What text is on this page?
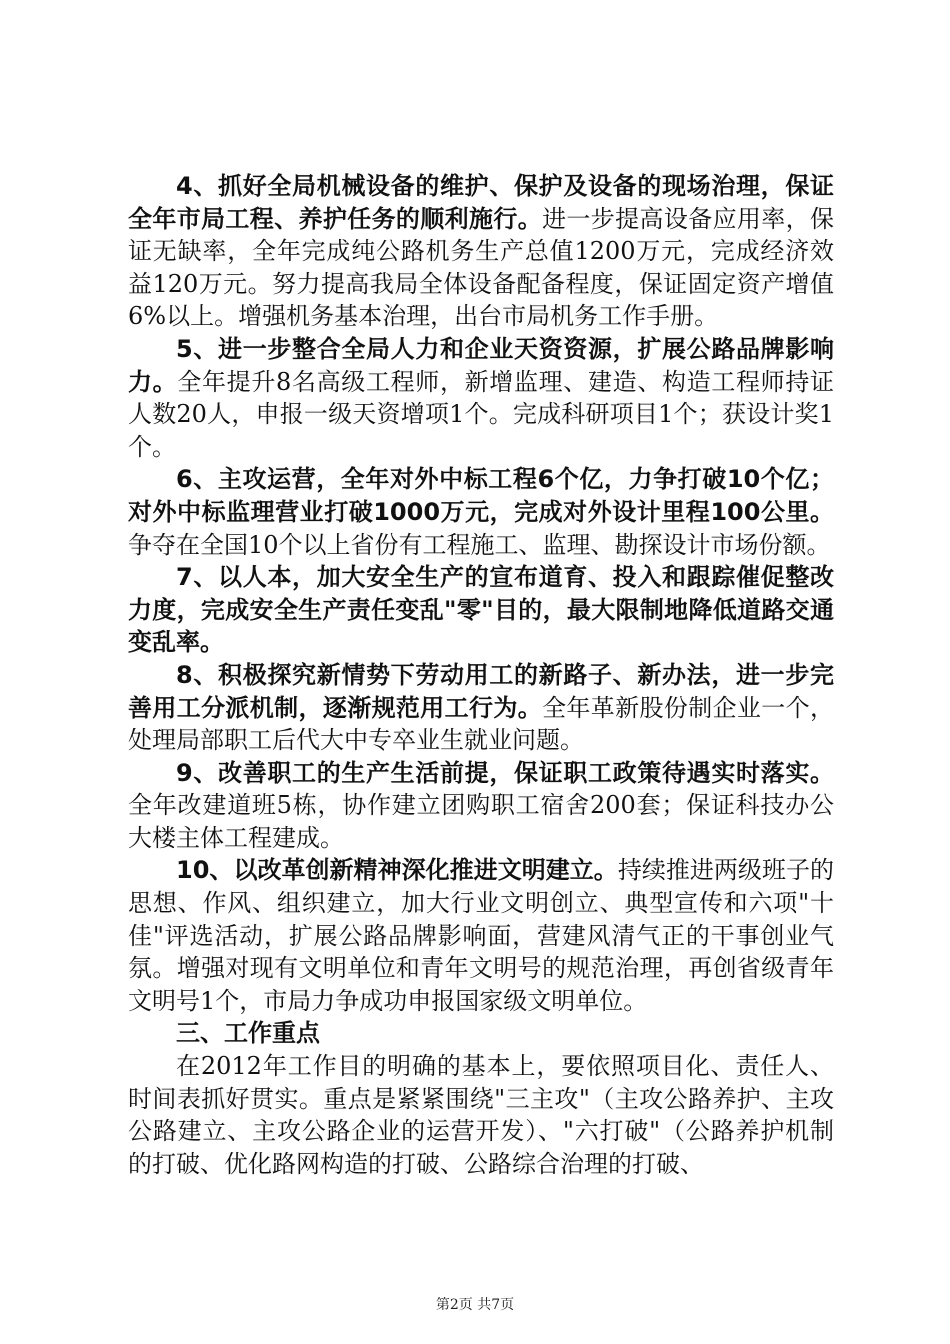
4、抓好全局机械设备的维护、保护及设备的现场治理，保证全年市局工程、养护任务的顺利施行。进一步提高设备应用率，保证无缺率，全年完成纯公路机务生产总值1200万元，完成经济效益120万元。努力提高我局全体设备配备程度，保证固定资产增值6%以上。增强机务基本治理，出台市局机务工作手册。

5、进一步整合全局人力和企业天资资源，扩展公路品牌影响力。全年提升8名高级工程师，新增监理、建造、构造工程师持证人数20人，申报一级天资增项1个。完成科研项目1个；获设计奖1个。

6、主攻运营，全年对外中标工程6个亿，力争打破10个亿；对外中标监理营业打破1000万元，完成对外设计里程100公里。争夺在全国10个以上省份有工程施工、监理、勘探设计市场份额。

7、以人本，加大安全生产的宣布道育、投入和跟踪催促整改力度，完成安全生产责任变乱"零"目的，最大限制地降低道路交通变乱率。

8、积极探究新情势下劳动用工的新路子、新办法，进一步完善用工分派机制，逐渐规范用工行为。全年革新股份制企业一个，处理局部职工后代大中专卒业生就业问题。

9、改善职工的生产生活前提，保证职工政策待遇实时落实。全年改建道班5栋，协作建立团购职工宿舍200套；保证科技办公大楼主体工程建成。

10、以改革创新精神深化推进文明建立。持续推进两级班子的思想、作风、组织建立，加大行业文明创立、典型宣传和六项"十佳"评选活动，扩展公路品牌影响面，营建风清气正的干事创业气氛。增强对现有文明单位和青年文明号的规范治理，再创省级青年文明号1个，市局力争成功申报国家级文明单位。

三、工作重点

在2012年工作目的明确的基本上，要依照项目化、责任人、时间表抓好贯实。重点是紧紧围绕"三主攻"（主攻公路养护、主攻公路建立、主攻公路企业的运营开发）、"六打破"（公路养护机制的打破、优化路网构造的打破、公路综合治理的打破、

第2页 共7页
